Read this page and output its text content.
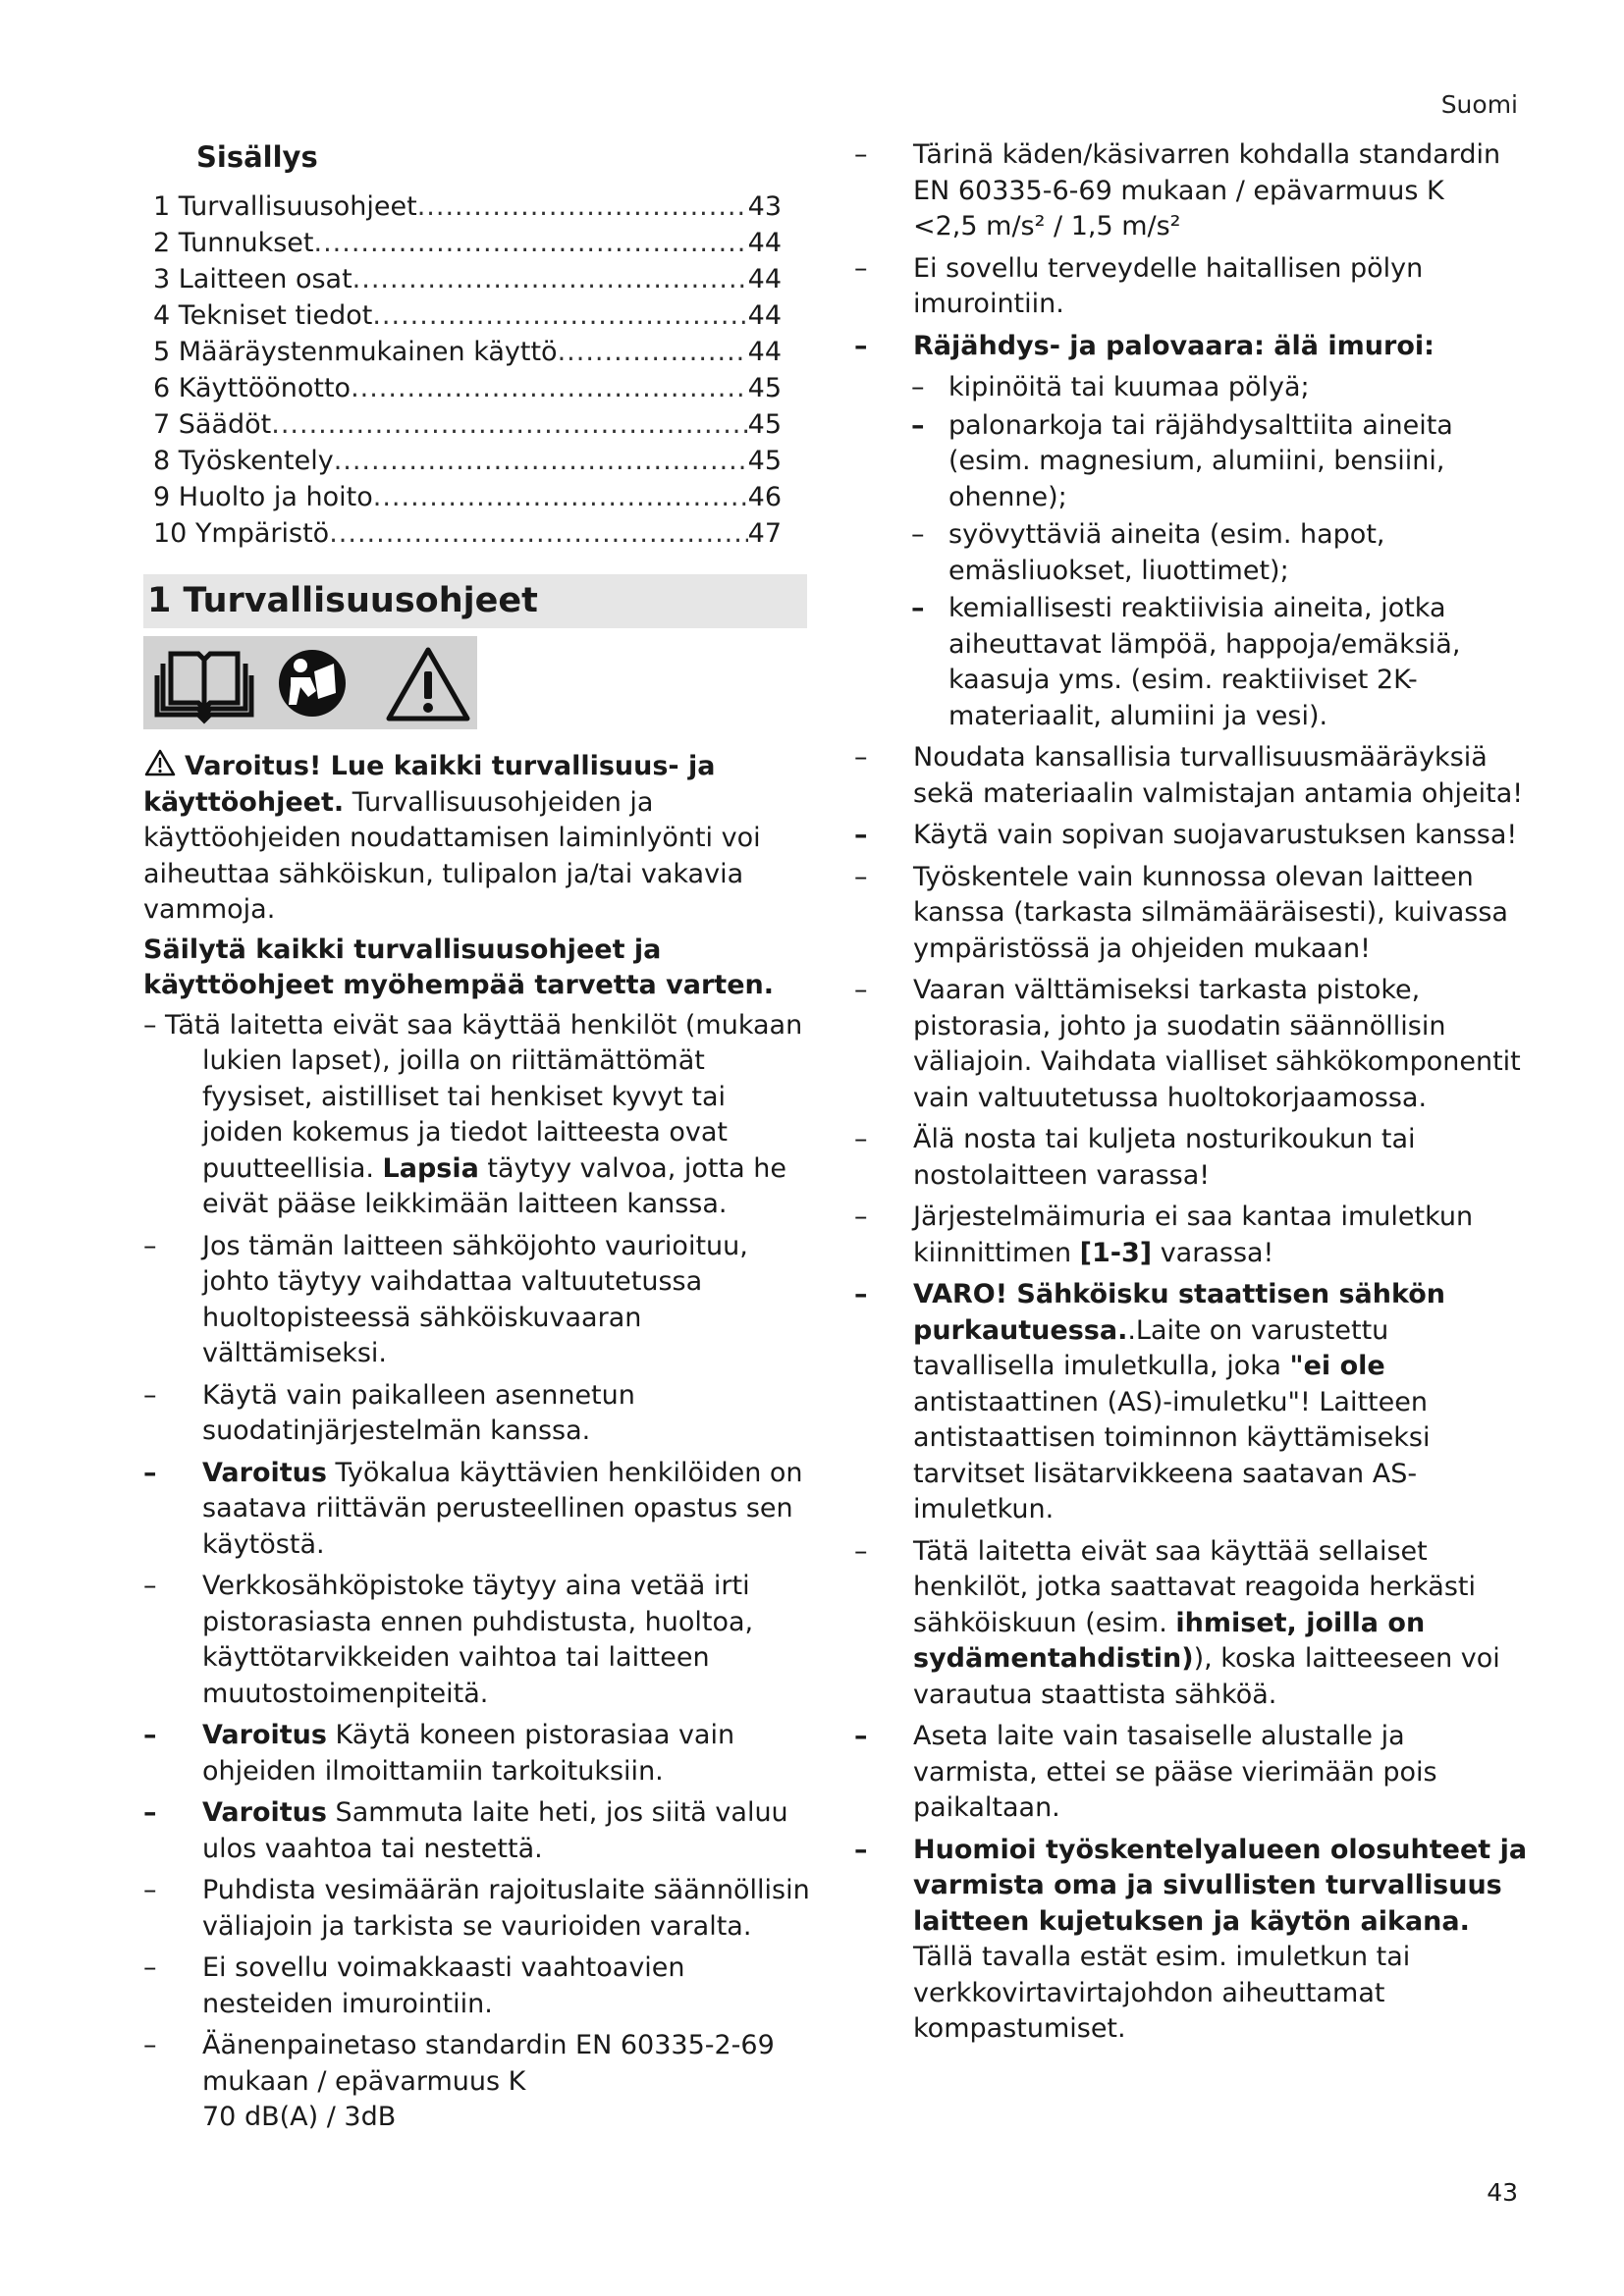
Suomi
Sisällys
1 Turvallisuusohjeet .....	43
2 Tunnukset .....	44
3 Laitteen osat .....	44
4 Tekniset tiedot .....	44
5 Määräystenmukainen käyttö .....	44
6 Käyttöönotto .....	45
7 Säädöt .....	45
8 Työskentely .....	45
9 Huolto ja hoito .....	46
10 Ympäristö .....	47
1 Turvallisuusohjeet

Varoitus! Lue kaikki turvallisuus- ja käyttöohjeet. Turvallisuusohjeiden ja käyttöohjeiden noudattamisen laiminlyönti voi aiheuttaa sähköiskun, tulipalon ja/tai vakavia vammoja.

Säilytä kaikki turvallisuusohjeet ja käyttöohjeet myöhempää tarvetta varten.

– Tätä laitetta eivät saa käyttää henkilöt (mukaan lukien lapset), joilla on riittämättömät fyysiset, aistilliset tai henkiset kyvyt tai joiden kokemus ja tiedot laitteesta ovat puutteellisia. Lapsia täytyy valvoa, jotta he eivät pääse leikkimään laitteen kanssa.
– Jos tämän laitteen sähköjohto vaurioituu, johto täytyy vaihdattaa valtuutetussa huoltopisteessä sähköiskuvaaran välttämiseksi.
– Käytä vain paikalleen asennetun suodatinjärjestelmän kanssa.
– Varoitus Työkalua käyttävien henkilöiden on saatava riittävän perusteellinen opastus sen käytöstä.
– Verkkosähköpistoke täytyy aina vetää irti pistorasiasta ennen puhdistusta, huoltoa, käyttötarvikkeiden vaihtoa tai laitteen muutostoimenpiteitä.
– Varoitus Käytä koneen pistorasiaa vain ohjeiden ilmoittamiin tarkoituksiin.
– Varoitus Sammuta laite heti, jos siitä valuu ulos vaahtoa tai nestettä.
– Puhdista vesimäärän rajoituslaite säännöllisin väliajoin ja tarkista se vaurioiden varalta.
– Ei sovellu voimakkaasti vaahtoavien nesteiden imurointiin.
– Äänenpainetaso standardin EN 60335-2-69 mukaan / epävarmuus K
70 dB(A) / 3dB
– Tärinä käden/käsivarren kohdalla standardin EN 60335-6-69 mukaan / epävarmuus K
<2,5 m/s² / 1,5 m/s²
– Ei sovellu terveydelle haitallisen pölyn imurointiin.
– Räjähdys- ja palovaara: älä imuroi:
– kipinöitä tai kuumaa pölyä;
– palonarkoja tai räjähdysalttiita aineita (esim. magnesium, alumiini, bensiini, ohenne);
– syövyttäviä aineita (esim. hapot, emäsliuokset, liuottimet);
– kemiallisesti reaktiivisia aineita, jotka aiheuttavat lämpöä, happoja/emäksiä, kaasuja yms. (esim. reaktiiviset 2K-materiaalit, alumiini ja vesi).
– Noudata kansallisia turvallisuusmääräyksiä sekä materiaalin valmistajan antamia ohjeita!
– Käytä vain sopivan suojavarustuksen kanssa!
– Työskentele vain kunnossa olevan laitteen kanssa (tarkasta silmämääräisesti), kuivassa ympäristössä ja ohjeiden mukaan!
– Vaaran välttämiseksi tarkasta pistoke, pistorasia, johto ja suodatin säännöllisin väliajoin. Vaihdata vialliset sähkökomponentit vain valtuutetussa huoltokorjaamossa.
– Älä nosta tai kuljeta nosturikoukun tai nostolaitteen varassa!
– Järjestelmäimuria ei saa kantaa imuletkun kiinnittimen [1-3] varassa!
– VARO! Sähköisku staattisen sähkön purkautuessa..Laite on varustettu tavallisella imuletkulla, joka "ei ole antistaattinen (AS)-imuletku"! Laitteen antistaattisen toiminnon käyttämiseksi tarvitset lisätarvikkeena saatavan AS-imuletkun.
– Tätä laitetta eivät saa käyttää sellaiset henkilöt, jotka saattavat reagoida herkästi sähköiskuun (esim. ihmiset, joilla on sydämentahdistin)), koska laitteeseen voi varautua staattista sähköä.
– Aseta laite vain tasaiselle alustalle ja varmista, ettei se pääse vierimään pois paikaltaan.
– Huomioi työskentelyalueen olosuhteet ja varmista oma ja sivullisten turvallisuus laitteen kujetuksen ja käytön aikana.
Tällä tavalla estät esim. imuletkun tai verkkovirtavirtajohdon aiheuttamat kompastumiset.
43
